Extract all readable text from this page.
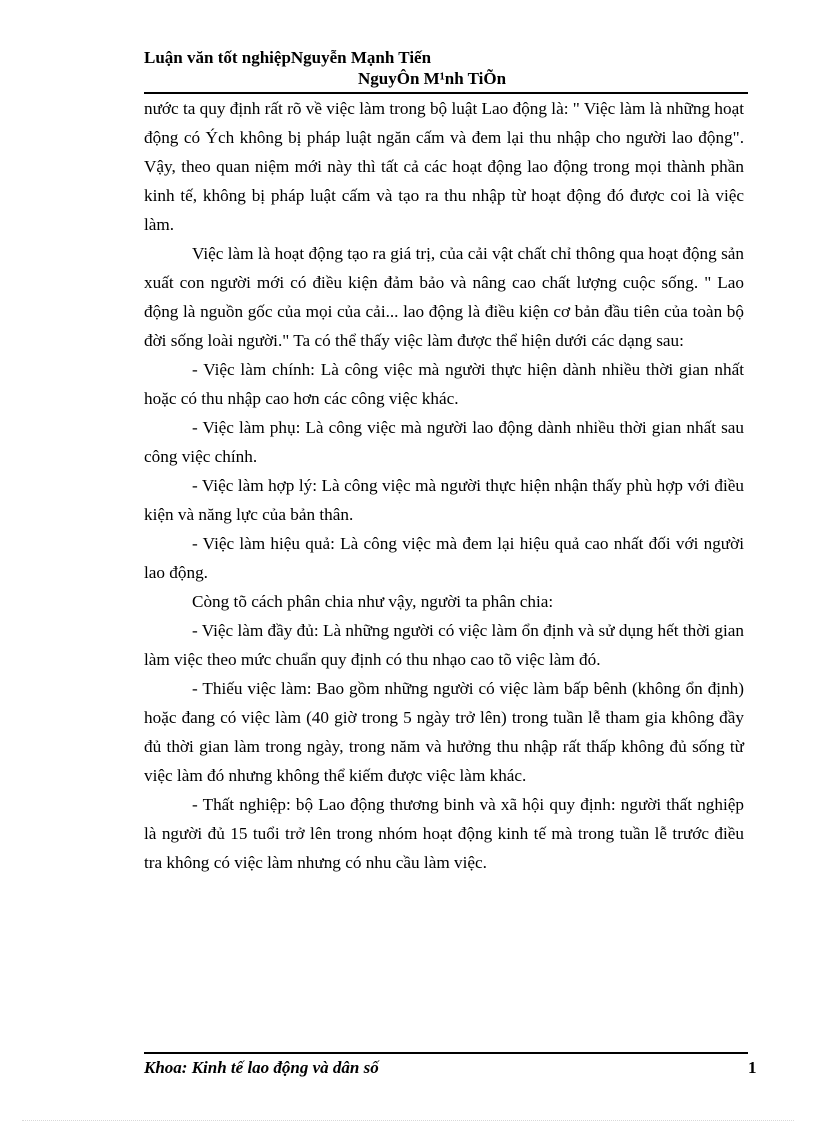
Luận văn tốt nghiệpNguyễn Mạnh Tiến
NguyÔn M¹nh TiÕn

nước ta quy định rất rõ về việc làm trong bộ luật Lao động là: " Việc làm là những hoạt động có Ých không bị pháp luật ngăn cấm và đem lại thu nhập cho người lao động". Vậy, theo quan niệm mới này thì tất cả các hoạt động lao động trong mọi thành phần kinh tế, không bị pháp luật cấm và tạo ra thu nhập từ hoạt động đó được coi là việc làm.

Việc làm là hoạt động tạo ra giá trị, của cải vật chất chỉ thông qua hoạt động sản xuất con người mới có điều kiện đảm bảo và nâng cao chất lượng cuộc sống. " Lao động là nguồn gốc của mọi của cải... lao động là điều kiện cơ bản đầu tiên của toàn bộ đời sống loài người." Ta có thể thấy việc làm được thể hiện dưới các dạng sau:

- Việc làm chính: Là công việc mà người thực hiện dành nhiều thời gian nhất hoặc có thu nhập cao hơn các công việc khác.

- Việc làm phụ: Là công việc mà người lao động dành nhiều thời gian nhất sau công việc chính.

- Việc làm hợp lý: Là công việc mà người thực hiện nhận thấy phù hợp với điều kiện và năng lực của bản thân.

- Việc làm hiệu quả: Là công việc mà đem lại hiệu quả cao nhất đối với người lao động.

Còng tõ cách phân chia như vậy, người ta phân chia:

- Việc làm đầy đủ: Là những người có việc làm ổn định và sử dụng hết thời gian làm việc theo mức chuẩn quy định có thu nhạo cao tõ việc làm đó.

- Thiếu việc làm: Bao gồm những người có việc làm bấp bênh (không ổn định) hoặc đang có việc làm (40 giờ trong 5 ngày trở lên) trong tuần lễ tham gia không đầy đủ thời gian làm trong ngày, trong năm và hưởng thu nhập rất thấp không đủ sống từ việc làm đó nhưng không thể kiếm được việc làm khác.

- Thất nghiệp: bộ Lao động thương binh và xã hội quy định: người thất nghiệp là người đủ 15 tuổi trở lên trong nhóm hoạt động kinh tế mà trong tuần lễ trước điều tra không có việc làm nhưng có nhu cầu làm việc.

Khoa: Kinh tế lao động và dân số	1
